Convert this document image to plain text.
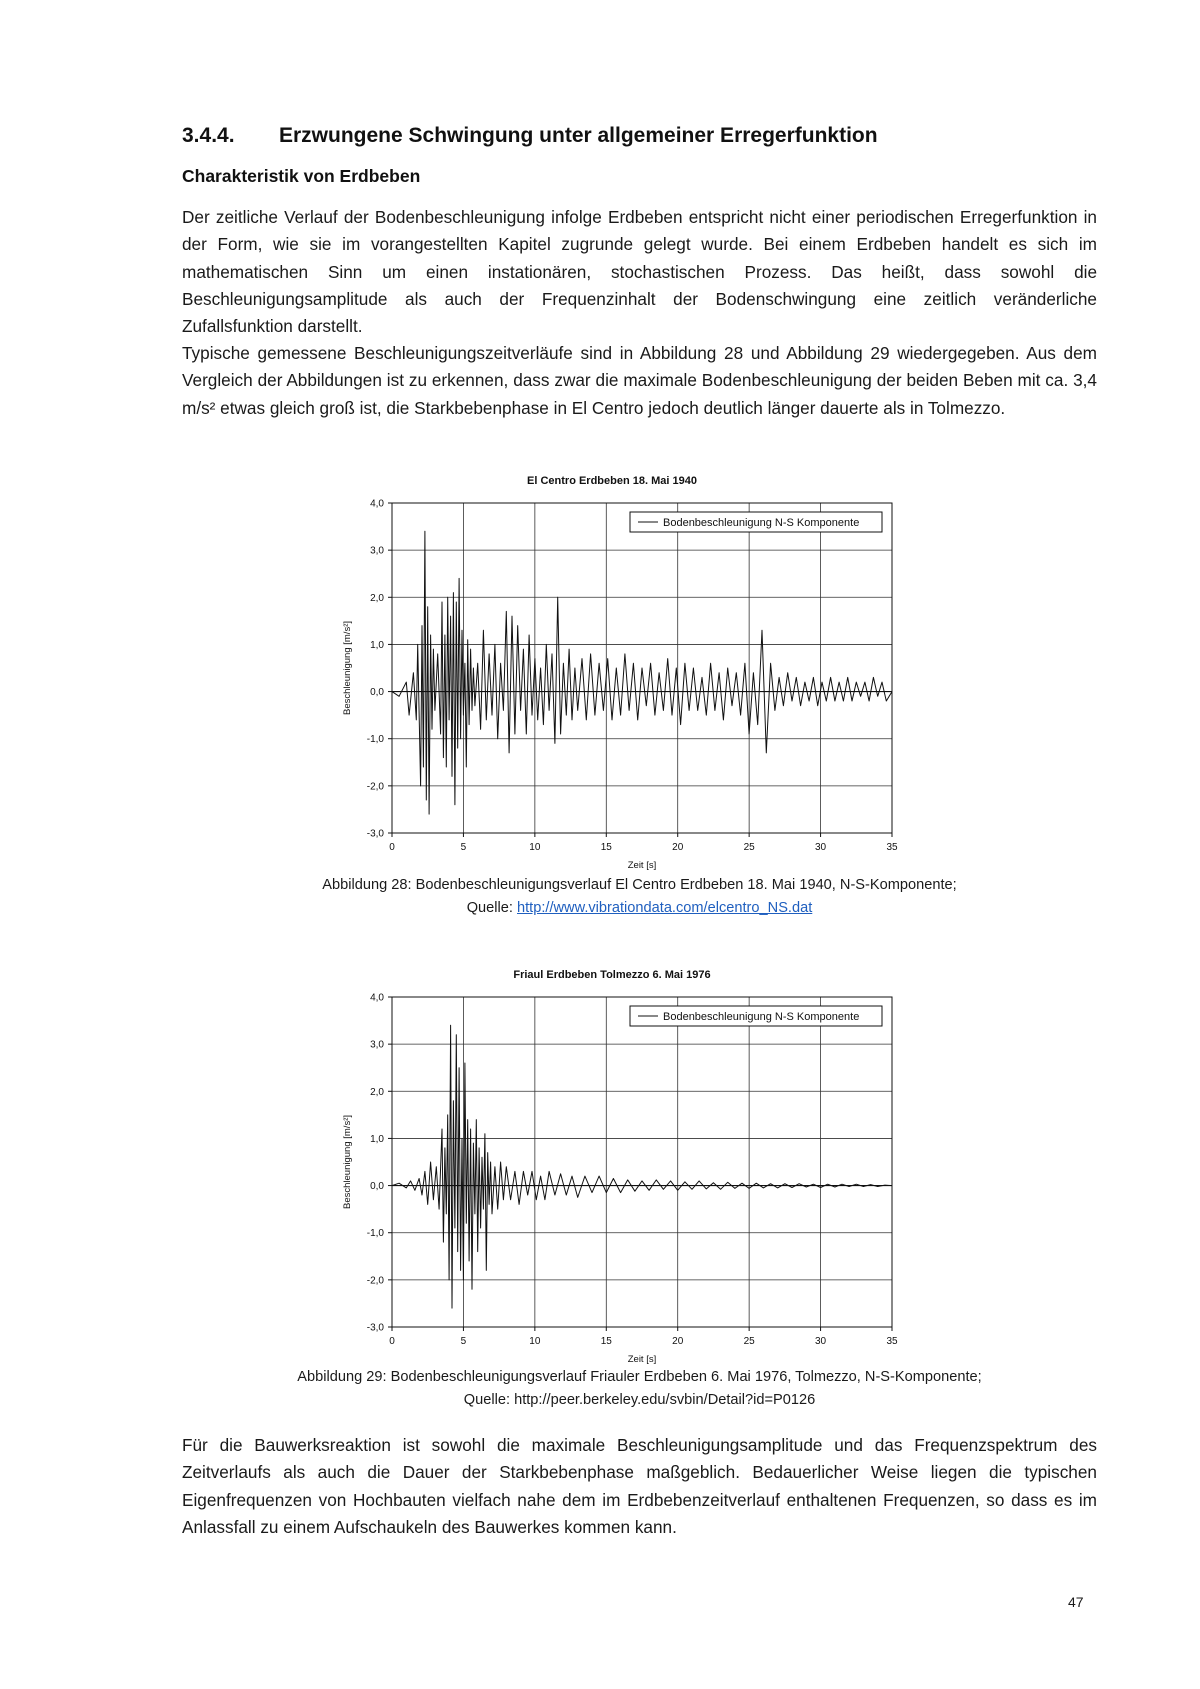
3.4.4. Erzwungene Schwingung unter allgemeiner Erregerfunktion
Charakteristik von Erdbeben

Der zeitliche Verlauf der Bodenbeschleunigung infolge Erdbeben entspricht nicht einer periodischen Erregerfunktion in der Form, wie sie im vorangestellten Kapitel zugrunde gelegt wurde. Bei einem Erdbeben handelt es sich im mathematischen Sinn um einen instationären, stochastischen Prozess. Das heißt, dass sowohl die Beschleunigungsamplitude als auch der Frequenzinhalt der Bodenschwingung eine zeitlich veränderliche Zufallsfunktion darstellt.

Typische gemessene Beschleunigungszeitverläufe sind in Abbildung 28 und Abbildung 29 wiedergegeben. Aus dem Vergleich der Abbildungen ist zu erkennen, dass zwar die maximale Bodenbeschleunigung der beiden Beben mit ca. 3,4 m/s² etwas gleich groß ist, die Starkbebenphase in El Centro jedoch deutlich länger dauerte als in Tolmezzo.

El Centro Erdbeben 18. Mai 1940
4,0
3,0
2,0
1,0
0,0
-1,0
-2,0
-3,0
0	5	10	15	20	25	30	35
Zeit [s]
Beschleunigung [m/s²]
Bodenbeschleunigung N-S Komponente

Abbildung 28: Bodenbeschleunigungsverlauf El Centro Erdbeben 18. Mai 1940, N-S-Komponente;
Quelle: http://www.vibrationdata.com/elcentro_NS.dat

Friaul Erdbeben Tolmezzo 6. Mai 1976
4,0
3,0
2,0
1,0
0,0
-1,0
-2,0
-3,0
0	5	10	15	20	25	30	35
Zeit [s]
Beschleunigung [m/s²]
Bodenbeschleunigung N-S Komponente

Abbildung 29: Bodenbeschleunigungsverlauf Friauler Erdbeben 6. Mai 1976, Tolmezzo, N-S-Komponente;
Quelle: http://peer.berkeley.edu/svbin/Detail?id=P0126

Für die Bauwerksreaktion ist sowohl die maximale Beschleunigungsamplitude und das Frequenzspektrum des Zeitverlaufs als auch die Dauer der Starkbebenphase maßgeblich. Bedauerlicher Weise liegen die typischen Eigenfrequenzen von Hochbauten vielfach nahe dem im Erdbebenzeitverlauf enthaltenen Frequenzen, so dass es im Anlassfall zu einem Aufschaukeln des Bauwerkes kommen kann.

47
